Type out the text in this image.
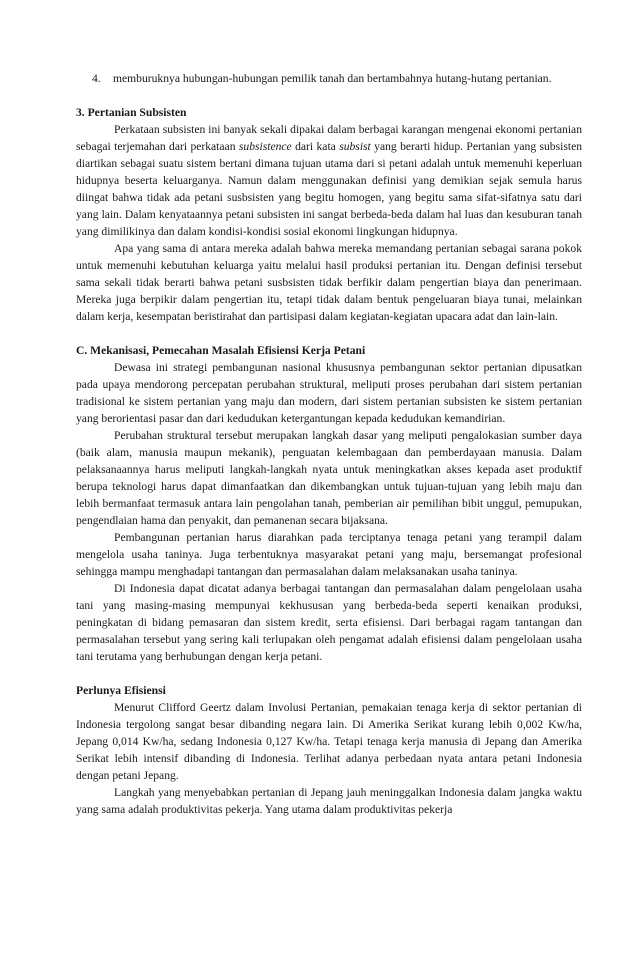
4. memburuknya hubungan-hubungan pemilik tanah dan bertambahnya hutang-hutang pertanian.
3. Pertanian Subsisten

Perkataan subsisten ini banyak sekali dipakai dalam berbagai karangan mengenai ekonomi pertanian sebagai terjemahan dari perkataan subsistence dari kata subsist yang berarti hidup. Pertanian yang subsisten diartikan sebagai suatu sistem bertani dimana tujuan utama dari si petani adalah untuk memenuhi keperluan hidupnya beserta keluarganya. Namun dalam menggunakan definisi yang demikian sejak semula harus diingat bahwa tidak ada petani susbsisten yang begitu homogen, yang begitu sama sifat-sifatnya satu dari yang lain. Dalam kenyataannya petani subsisten ini sangat berbeda-beda dalam hal luas dan kesuburan tanah yang dimilikinya dan dalam kondisi-kondisi sosial ekonomi lingkungan hidupnya.

Apa yang sama di antara mereka adalah bahwa mereka memandang pertanian sebagai sarana pokok untuk memenuhi kebutuhan keluarga yaitu melalui hasil produksi pertanian itu. Dengan definisi tersebut sama sekali tidak berarti bahwa petani susbsisten tidak berfikir dalam pengertian biaya dan penerimaan. Mereka juga berpikir dalam pengertian itu, tetapi tidak dalam bentuk pengeluaran biaya tunai, melainkan dalam kerja, kesempatan beristirahat dan partisipasi dalam kegiatan-kegiatan upacara adat dan lain-lain.

C. Mekanisasi, Pemecahan Masalah Efisiensi Kerja Petani

Dewasa ini strategi pembangunan nasional khususnya pembangunan sektor pertanian dipusatkan pada upaya mendorong percepatan perubahan struktural, meliputi proses perubahan dari sistem pertanian tradisional ke sistem pertanian yang maju dan modern, dari sistem pertanian subsisten ke sistem pertanian yang berorientasi pasar dan dari kedudukan ketergantungan kepada kedudukan kemandirian.

Perubahan struktural tersebut merupakan langkah dasar yang meliputi pengalokasian sumber daya (baik alam, manusia maupun mekanik), penguatan kelembagaan dan pemberdayaan manusia. Dalam pelaksanaannya harus meliputi langkah-langkah nyata untuk meningkatkan akses kepada aset produktif berupa teknologi harus dapat dimanfaatkan dan dikembangkan untuk tujuan-tujuan yang lebih maju dan lebih bermanfaat termasuk antara lain pengolahan tanah, pemberian air pemilihan bibit unggul, pemupukan, pengendlaian hama dan penyakit, dan pemanenan secara bijaksana.

Pembangunan pertanian harus diarahkan pada terciptanya tenaga petani yang terampil dalam mengelola usaha taninya. Juga terbentuknya masyarakat petani yang maju, bersemangat profesional sehingga mampu menghadapi tantangan dan permasalahan dalam melaksanakan usaha taninya.

Di Indonesia dapat dicatat adanya berbagai tantangan dan permasalahan dalam pengelolaan usaha tani yang masing-masing mempunyai kekhususan yang berbeda-beda seperti kenaikan produksi, peningkatan di bidang pemasaran dan sistem kredit, serta efisiensi. Dari berbagai ragam tantangan dan permasalahan tersebut yang sering kali terlupakan oleh pengamat adalah efisiensi dalam pengelolaan usaha tani terutama yang berhubungan dengan kerja petani.

Perlunya Efisiensi

Menurut Clifford Geertz dalam Involusi Pertanian, pemakaian tenaga kerja di sektor pertanian di Indonesia tergolong sangat besar dibanding negara lain. Di Amerika Serikat kurang lebih 0,002 Kw/ha, Jepang 0,014 Kw/ha, sedang Indonesia 0,127 Kw/ha. Tetapi tenaga kerja manusia di Jepang dan Amerika Serikat lebih intensif dibanding di Indonesia. Terlihat adanya perbedaan nyata antara petani Indonesia dengan petani Jepang.

Langkah yang menyebabkan pertanian di Jepang jauh meninggalkan Indonesia dalam jangka waktu yang sama adalah produktivitas pekerja. Yang utama dalam produktivitas pekerja
